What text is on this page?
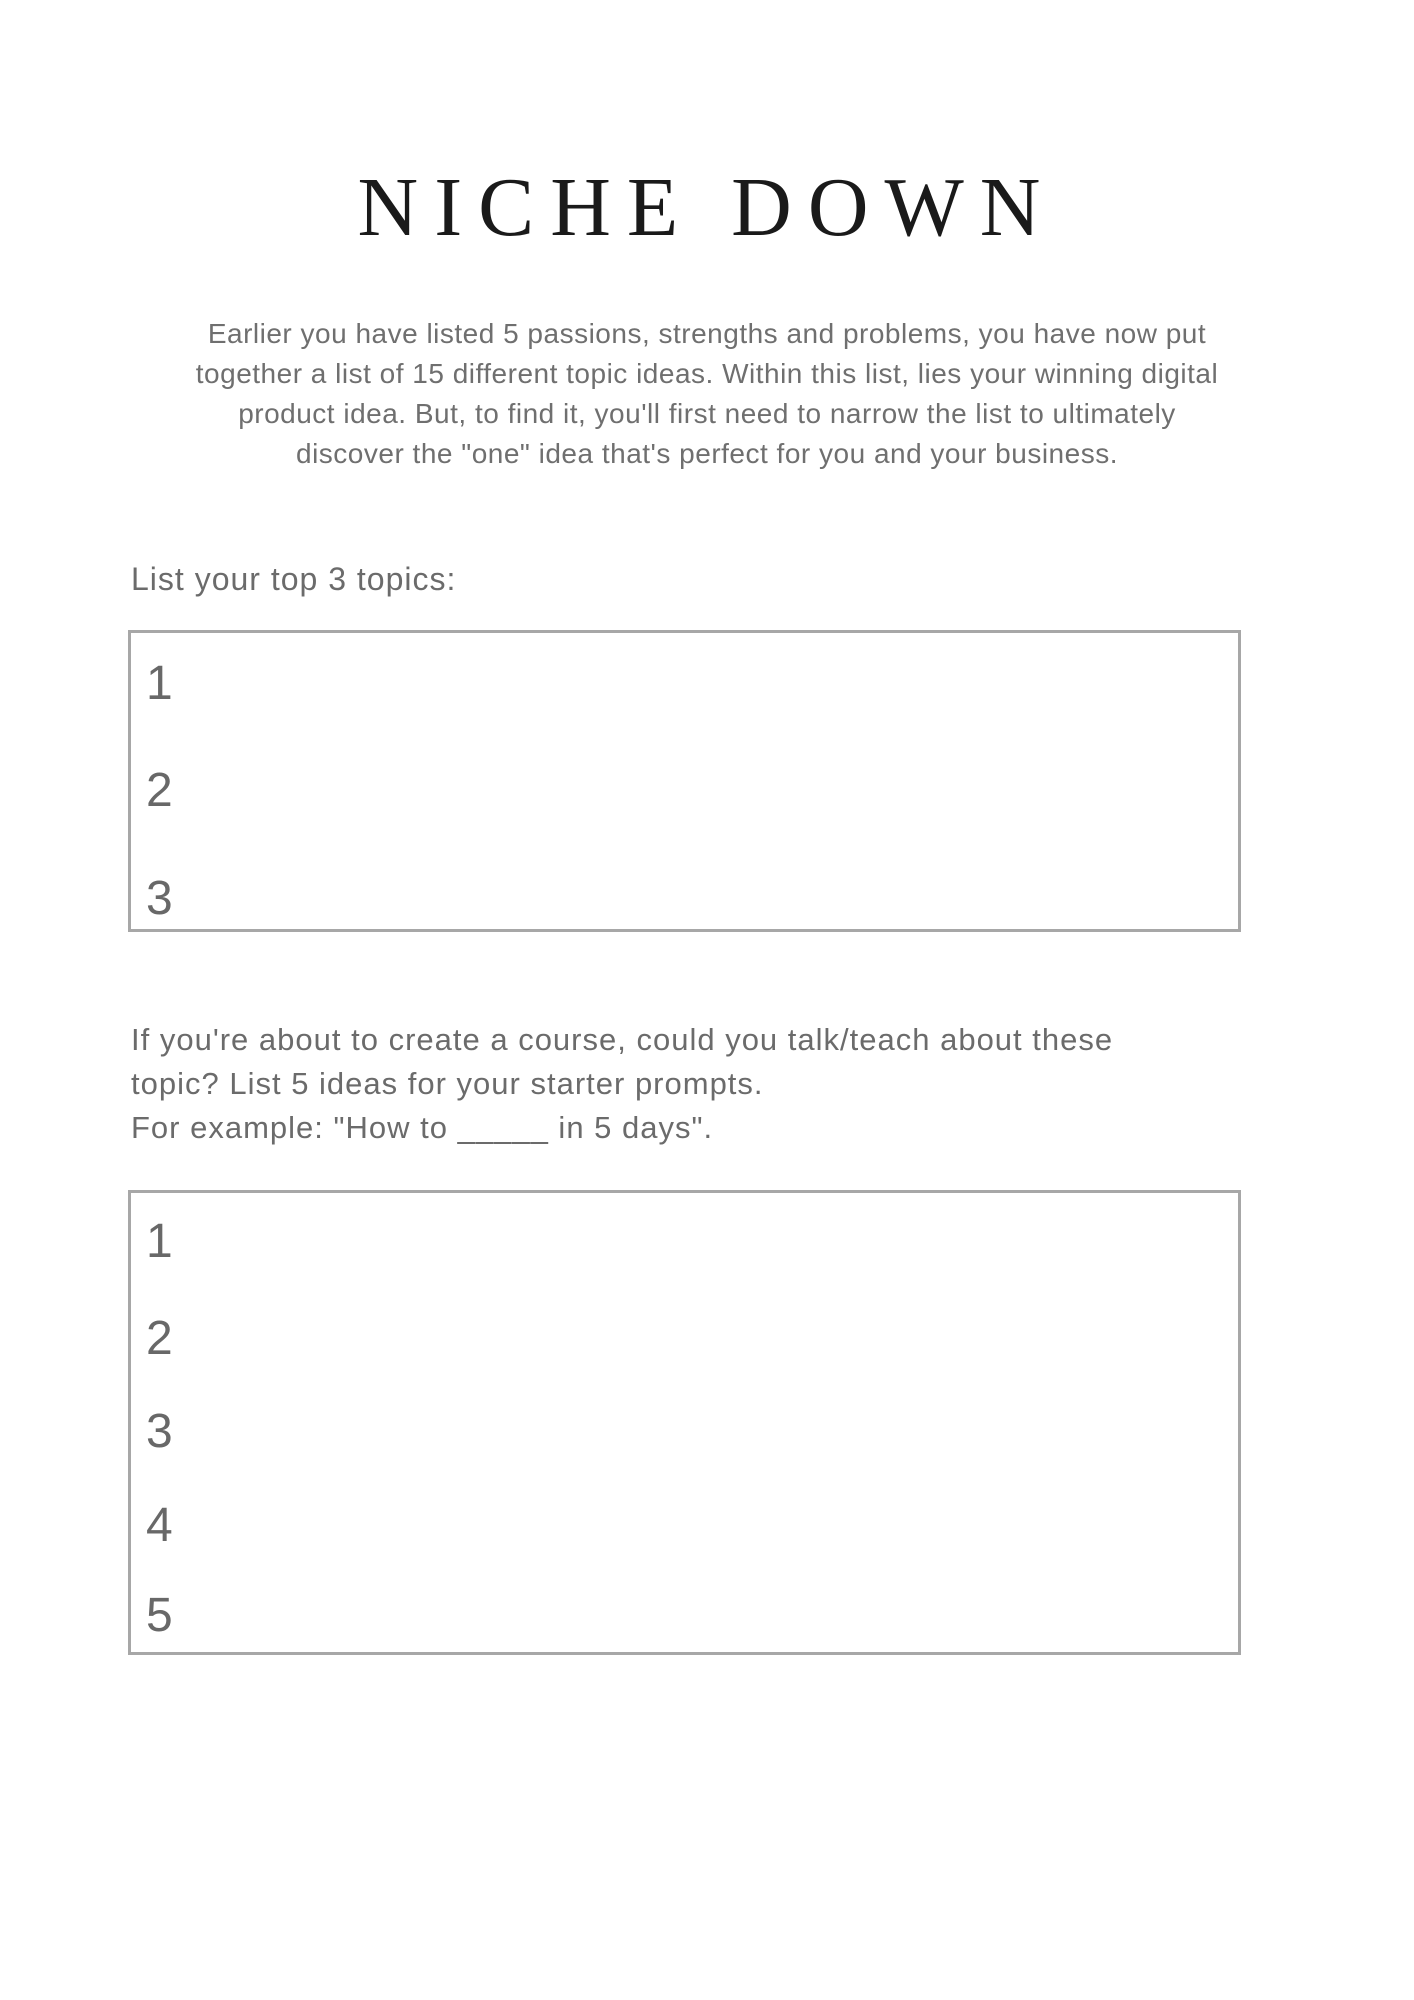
NICHE DOWN
Earlier you have listed 5 passions, strengths and problems, you have now put
together a list of 15 different topic ideas. Within this list, lies your winning digital
product idea. But, to find it, you'll first need to narrow the list to ultimately
discover the "one" idea that's perfect for you and your business.
List your top 3 topics:
1
2
3
If you're about to create a course, could you talk/teach about these
topic? List 5 ideas for your starter prompts.
For example: "How to _____ in 5 days".
1
2
3
4
5
